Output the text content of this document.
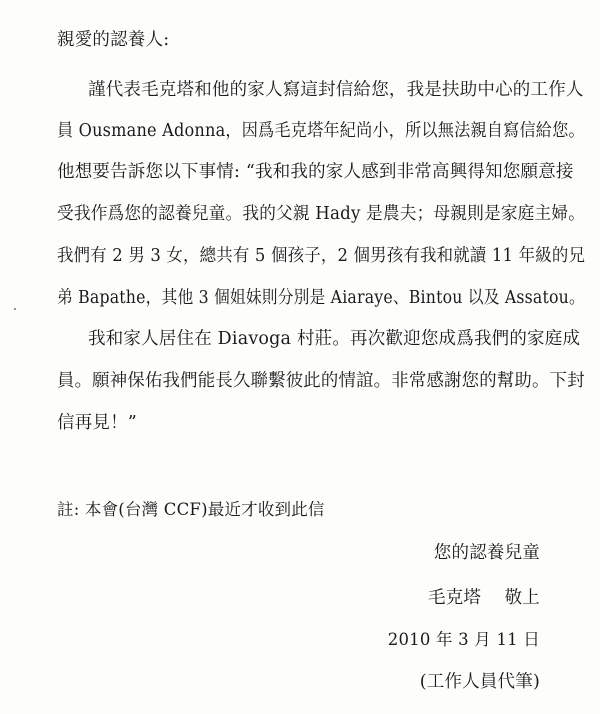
親愛的認養人:
謹代表毛克塔和他的家人寫這封信給您，我是扶助中心的工作人
員 Ousmane Adonna，因爲毛克塔年紀尚小，所以無法親自寫信給您。
他想要告訴您以下事情: “我和我的家人感到非常高興得知您願意接
受我作爲您的認養兒童。我的父親 Hady 是農夫；母親則是家庭主婦。
我們有 2 男 3 女，總共有 5 個孩子，2 個男孩有我和就讀 11 年級的兄
弟 Bapathe，其他 3 個姐妹則分別是 Aiaraye、Bintou 以及 Assatou。
我和家人居住在 Diavoga 村莊。再次歡迎您成爲我們的家庭成
員。願神保佑我們能長久聯繫彼此的情誼。非常感謝您的幫助。下封
信再見！”
註: 本會(台灣 CCF)最近才收到此信
您的認養兒童
毛克塔　 敬上
2010 年 3 月 11 日
(工作人員代筆)
